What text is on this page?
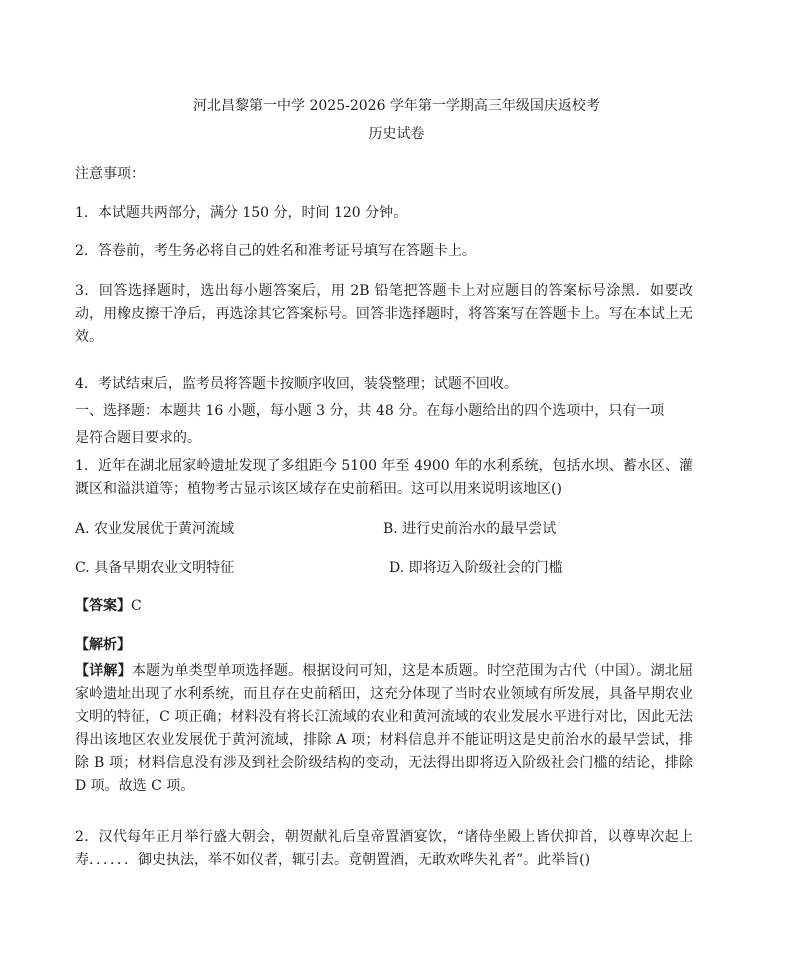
河北昌黎第一中学 2025-2026 学年第一学期高三年级国庆返校考
历史试卷
注意事项：
1．本试题共两部分，满分 150 分，时间 120 分钟。
2．答卷前，考生务必将自己的姓名和准考证号填写在答题卡上。
3．回答选择题时，选出每小题答案后，用 2B 铅笔把答题卡上对应题目的答案标号涂黑．如要改动，用橡皮擦干净后，再选涂其它答案标号。回答非选择题时，将答案写在答题卡上。写在本试上无效。
4．考试结束后，监考员将答题卡按顺序收回，装袋整理；试题不回收。
一、选择题：本题共 16 小题，每小题 3 分，共 48 分。在每小题给出的四个选项中，只有一项
是符合题目要求的。
1．近年在湖北屈家岭遗址发现了多组距今 5100 年至 4900 年的水利系统，包括水坝、蓄水区、灌溉区和溢洪道等；植物考古显示该区域存在史前稻田。这可以用来说明该地区()
A. 农业发展优于黄河流域	B. 进行史前治水的最早尝试
C. 具备早期农业文明特征	D. 即将迈入阶级社会的门槛
【答案】C
【解析】
【详解】本题为单类型单项选择题。根据设问可知，这是本质题。时空范围为古代（中国）。湖北屈家岭遗址出现了水利系统，而且存在史前稻田，这充分体现了当时农业领域有所发展，具备早期农业文明的特征，C 项正确；材料没有将长江流域的农业和黄河流域的农业发展水平进行对比，因此无法得出该地区农业发展优于黄河流域，排除 A 项；材料信息并不能证明这是史前治水的最早尝试，排除 B 项；材料信息没有涉及到社会阶级结构的变动，无法得出即将迈入阶级社会门槛的结论，排除 D 项。故选 C 项。
2．汉代每年正月举行盛大朝会，朝贺献礼后皇帝置酒宴饮，“诸侍坐殿上皆伏抑首，以尊卑次起上寿．．．．．．御史执法，举不如仪者，辄引去。竟朝置酒，无敢欢哗失礼者”。此举旨()
